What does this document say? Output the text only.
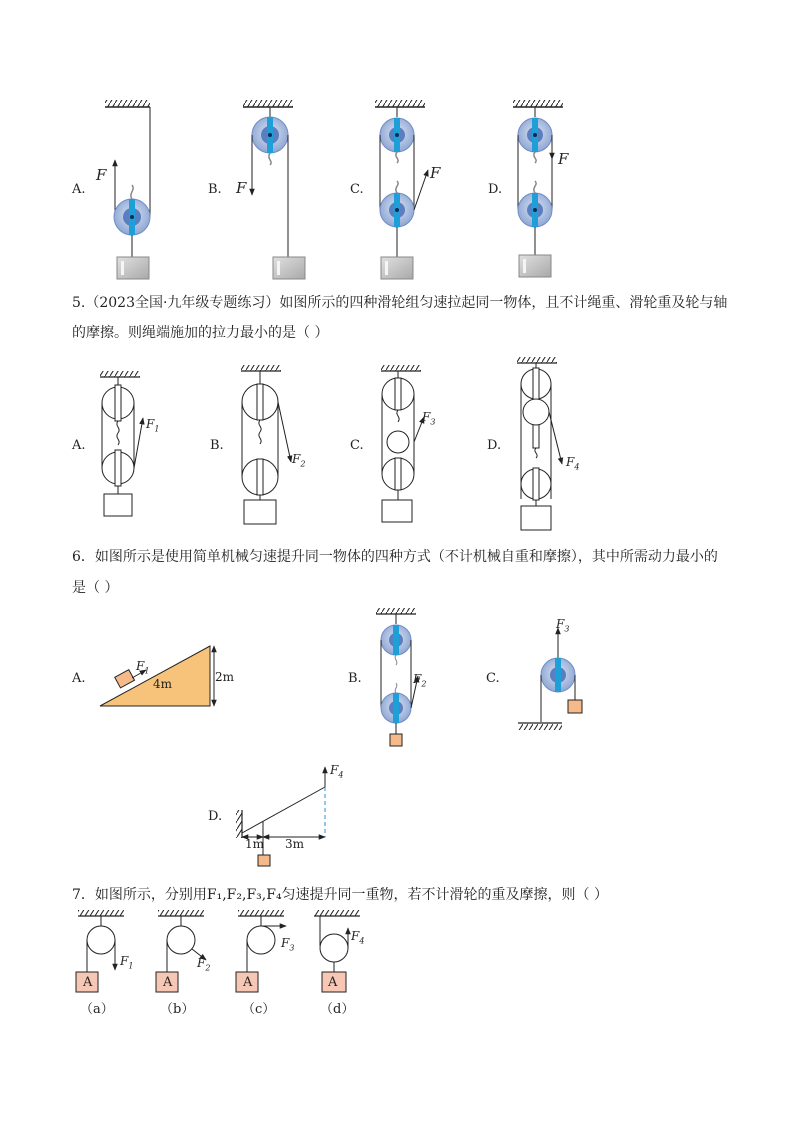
A.
F
B. F	C.
F
D.
F
5.（2023全国·九年级专题练习）如图所示的四种滑轮组匀速拉起同一物体，且不计绳重、滑轮重及轮与轴
的摩擦。则绳端施加的拉力最小的是（ ）
A.
$F_1$
B.
$F_2$
C.
$F_3$
D.
$F_4$
6．如图所示是使用简单机械匀速提升同一物体的四种方式（不计机械自重和摩擦），其中所需动力最小的
是（ ）
A.
$F_1$
4m	2m	B.	$F_2$	C.
$F_3$
D.
$F_4$
1m 3m
7．如图所示，分别用F₁,F₂,F₃,F₄匀速提升同一重物，若不计滑轮的重及摩擦，则（ ）
A
$F_1$
（a）
A
$F_2$
（b）
A
$F_3$
（c）
A
$F_4$
（d）
